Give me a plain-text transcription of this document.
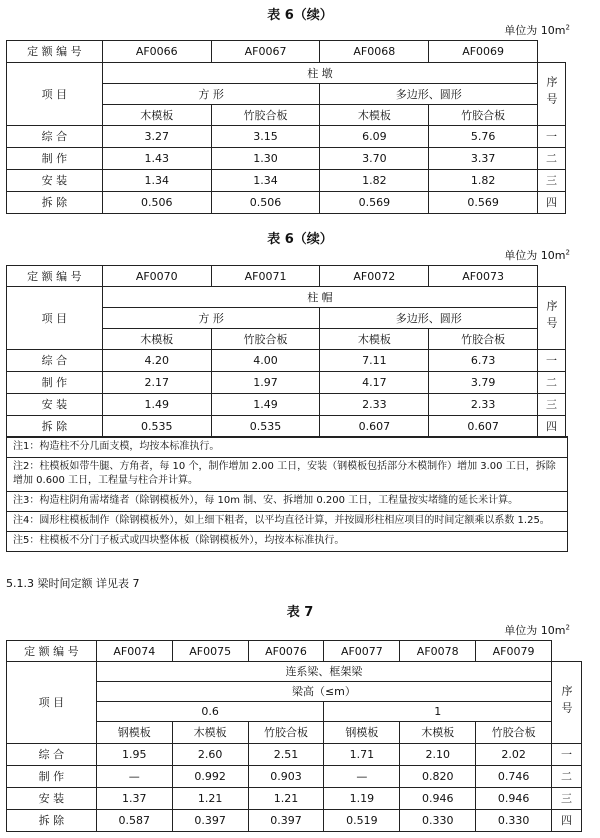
表 6（续）
单位为 $10m^2$
定 额 编 号	AF0066	AF0067	AF0068	AF0069	
项 目	柱 墩				序号
	方 形		多边形、圆形		
	木模板	竹胶合板	木模板	竹胶合板	
综 合	3.27	3.15	6.09	5.76	一
制 作	1.43	1.30	3.70	3.37	二
安 装	1.34	1.34	1.82	1.82	三
拆 除	0.506	0.506	0.569	0.569	四
表 6（续）
单位为 $10m^2$
定 额 编 号	AF0070	AF0071	AF0072	AF0073	
项 目	柱 帽				序号
	方 形		多边形、圆形		
	木模板	竹胶合板	木模板	竹胶合板	
综 合	4.20	4.00	7.11	6.73	一
制 作	2.17	1.97	4.17	3.79	二
安 装	1.49	1.49	2.33	2.33	三
拆 除	0.535	0.535	0.607	0.607	四
注1：构造柱不分几面支模，均按本标准执行。
注2：柱模板如带牛腿、方角者，每 10 个，制作增加 2.00 工日，安装（钢模板包括部分木模制作）增加 3.00 工日，拆除增加 0.600 工日，工程量与柱合并计算。
注3：构造柱阴角需堵缝者（除钢模板外），每 10m 制、安、拆增加 0.200 工日，工程量按实堵缝的延长米计算。
注4：圆形柱模板制作（除钢模板外），如上细下粗者，以平均直径计算，并按圆形柱相应项目的时间定额乘以系数 1.25。
注5：柱模板不分门子板式或四块整体板（除钢模板外），均按本标准执行。
5.1.3 梁时间定额 详见表 7
表 7
单位为 $10m^2$
定 额 编 号	AF0074	AF0075	AF0076	AF0077	AF0078	AF0079	
项 目	连系梁、框架梁						序号
	梁高（≤m）						
	0.6			1			
	钢模板	木模板	竹胶合板	钢模板	木模板	竹胶合板	
综 合	1.95	2.60	2.51	1.71	2.10	2.02	一
制 作	—	0.992	0.903	—	0.820	0.746	二
安 装	1.37	1.21	1.21	1.19	0.946	0.946	三
拆 除	0.587	0.397	0.397	0.519	0.330	0.330	四
